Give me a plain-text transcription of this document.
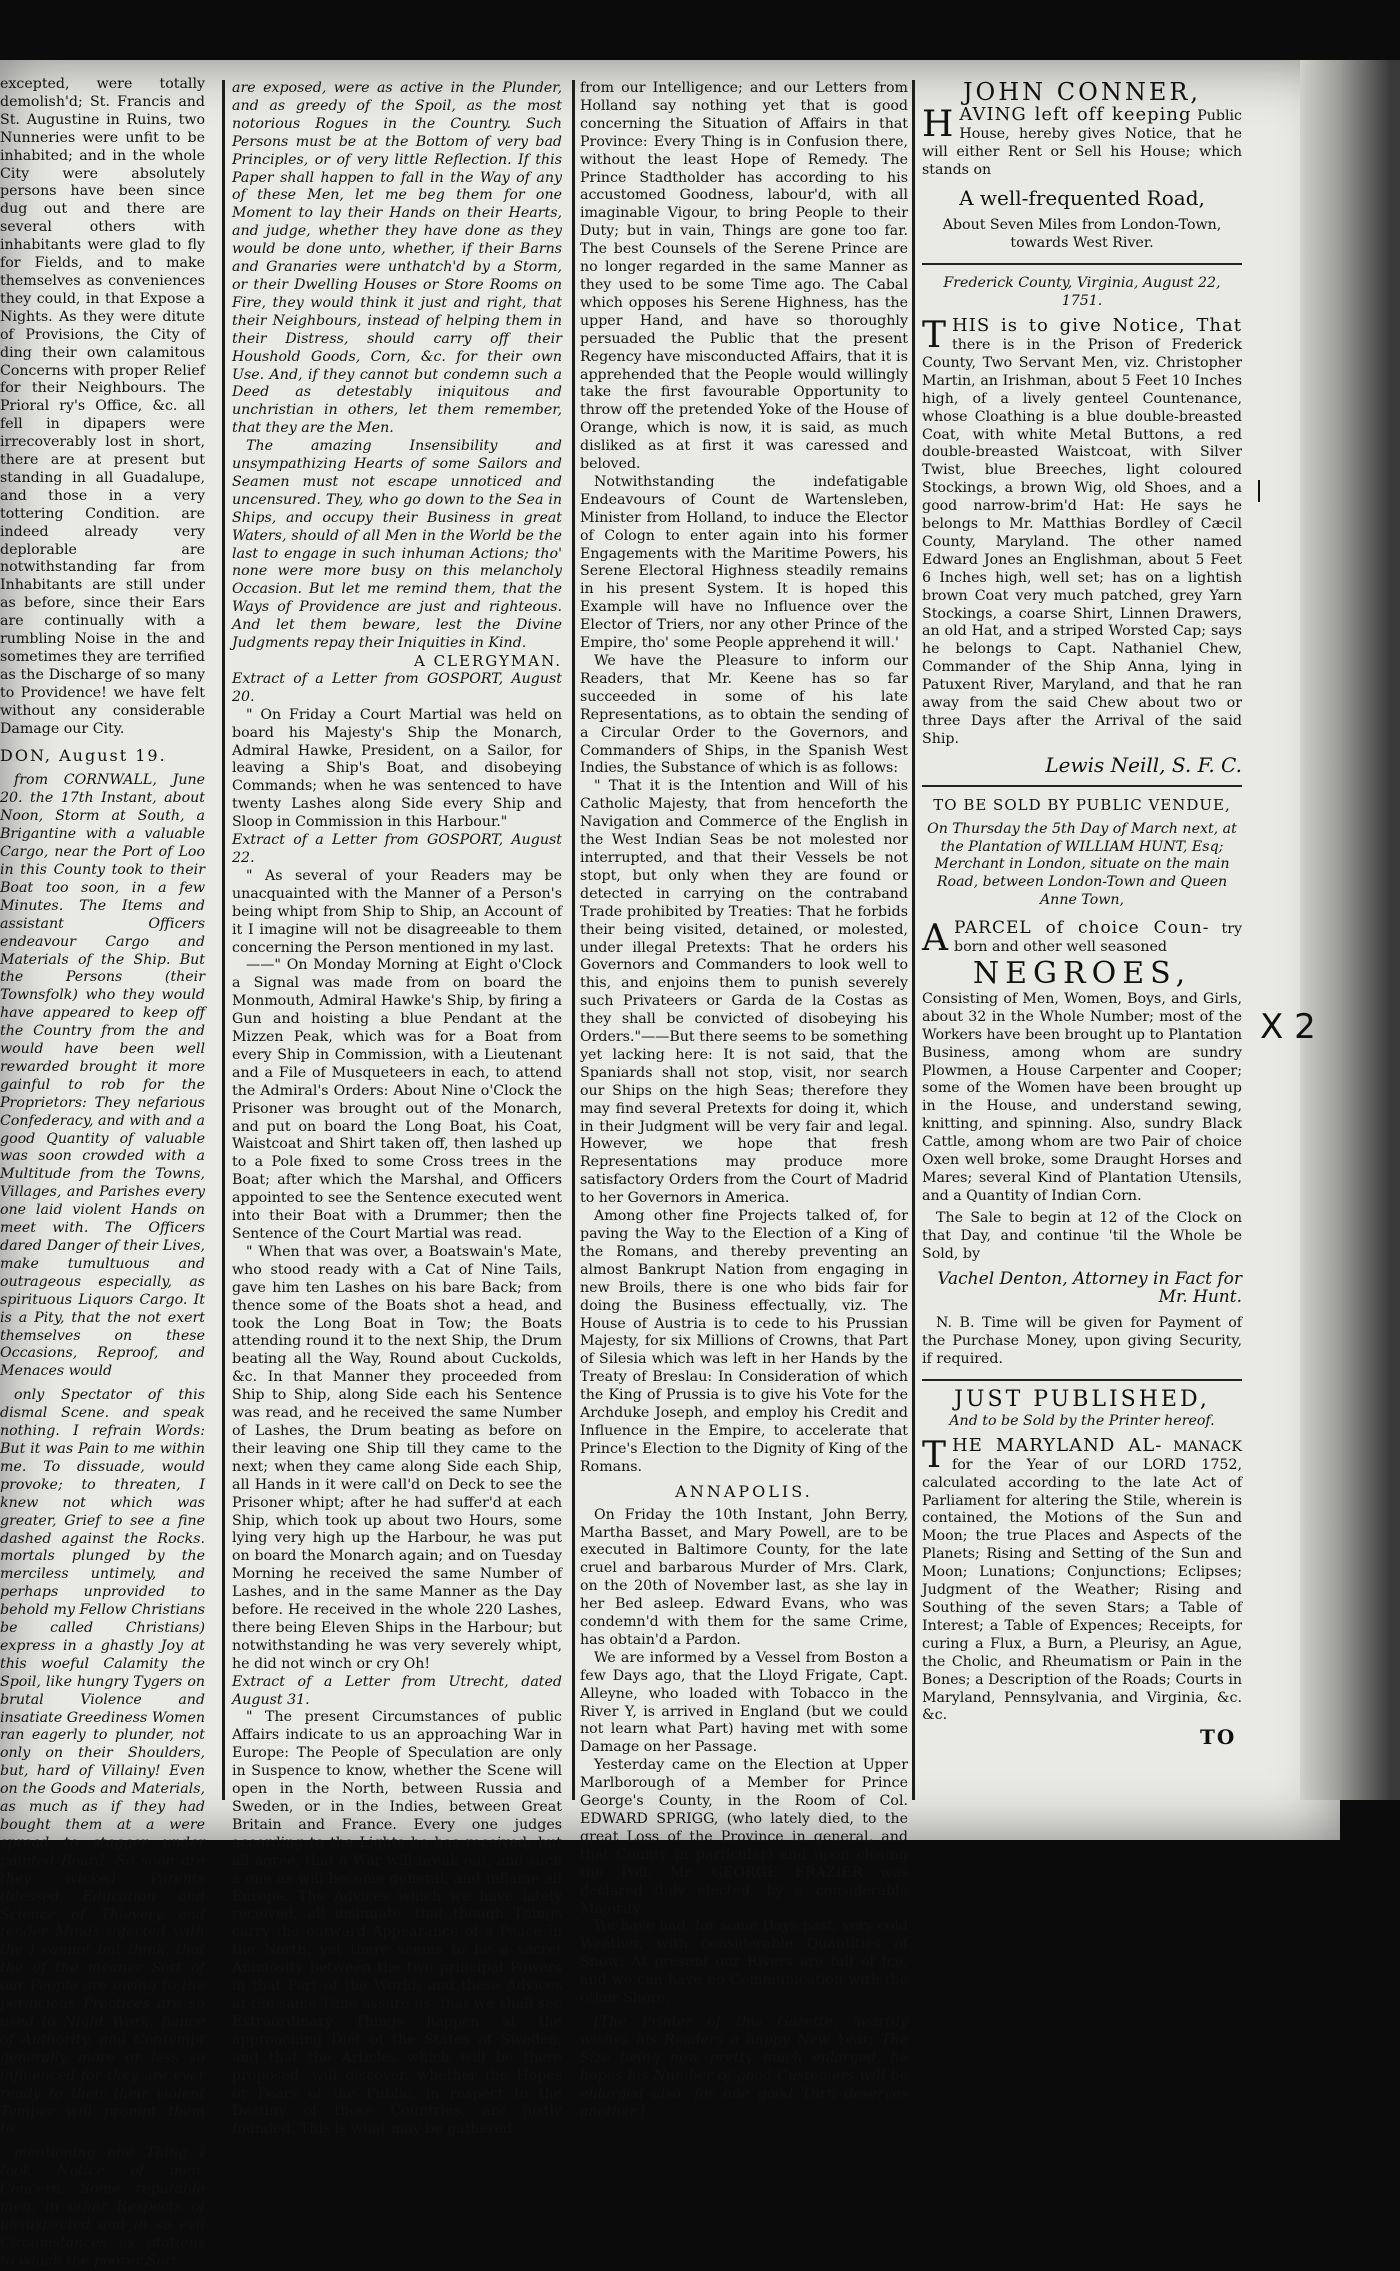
excepted, were totally demolish'd; St. Francis and St. Augustine in Ruins, two Nunneries were unfit to be inhabited; and in the whole City were absolutely persons have been since dug out and there are several others with inhabitants were glad to fly for Fields, and to make themselves as conveniences they could, in that Expose a Nights. As they were ditute of Provisions, the City of ding their own calamitous Concerns with proper Relief for their Neighbours. The Prioral ry's Office, &c. all fell in dipapers were irrecoverably lost in short, there are at present but standing in all Guadalupe, and those in a very tottering Condition. are indeed already very deplorable are notwithstanding far from Inhabitants are still under as before, since their Ears are continually with a rumbling Noise in the and sometimes they are terrified as the Discharge of so many to Providence! we have felt without any considerable Damage our City.

DON, August 19.

from CORNWALL, June 20. the 17th Instant, about Noon, Storm at South, a Brigantine with a valuable Cargo, near the Port of Loo in this County took to their Boat too soon, in a few Minutes. The Items and assistant Officers endeavour Cargo and Materials of the Ship. But the Persons (their Townsfolk) who they would have appeared to keep off the Country from the and would have been well rewarded brought it more gainful to rob for the Proprietors: They nefarious Confederacy, and with and a good Quantity of valuable was soon crowded with a Multitude from the Towns, Villages, and Parishes every one laid violent Hands on meet with. The Officers dared Danger of their Lives, make tumultuous and outrageous especially, as spirituous Liquors Cargo. It is a Pity, that the not exert themselves on these Occasions, Reproof, and Menaces would

only Spectator of this dismal Scene. and speak nothing. I refrain Words: But it was Pain to me within me. To dissuade, would provoke; to threaten, I knew not which was greater, Grief to see a fine dashed against the Rocks. mortals plunged by the merciless untimely, and perhaps unprovided to behold my Fellow Christians be called Christians) express in a ghastly Joy at this woeful Calamity the Spoil, like hungry Tygers on brutal Violence and insatiate Greediness Women ran eagerly to plunder, not only on their Shoulders, but, hard of Villainy! Even on the Goods and Materials, as much as if they had bought them at a were spread to stagger under painted Board. So soon are they wicked Parents (blessed Education and Science of Thievery and tender Minds infected with the I cannot but think, that the of the meaner Sort of our People are owing to the pernicious Practices are so used to Night Work, fiance of Authority, and Contempt generally more or less so influenced for they are ever ready to their their violent Temper will prompt them to.

mentioning one Thing I took Notice of men, Concern. Some reputable men, in other Respects of unsuspected and in so evil Circumstances as ptations to which the poorer Sort

are exposed, were as active in the Plunder, and as greedy of the Spoil, as the most notorious Rogues in the Country. Such Persons must be at the Bottom of very bad Principles, or of very little Reflection. If this Paper shall happen to fall in the Way of any of these Men, let me beg them for one Moment to lay their Hands on their Hearts, and judge, whether they have done as they would be done unto, whether, if their Barns and Granaries were unthatch'd by a Storm, or their Dwelling Houses or Store Rooms on Fire, they would think it just and right, that their Neighbours, instead of helping them in their Distress, should carry off their Houshold Goods, Corn, &c. for their own Use. And, if they cannot but condemn such a Deed as detestably iniquitous and unchristian in others, let them remember, that they are the Men.

The amazing Insensibility and unsympathizing Hearts of some Sailors and Seamen must not escape unnoticed and uncensured. They, who go down to the Sea in Ships, and occupy their Business in great Waters, should of all Men in the World be the last to engage in such inhuman Actions; tho' none were more busy on this melancholy Occasion. But let me remind them, that the Ways of Providence are just and righteous. And let them beware, lest the Divine Judgments repay their Iniquities in Kind.

A CLERGYMAN.

Extract of a Letter from GOSPORT, August 20.

" On Friday a Court Martial was held on board his Majesty's Ship the Monarch, Admiral Hawke, President, on a Sailor, for leaving a Ship's Boat, and disobeying Commands; when he was sentenced to have twenty Lashes along Side every Ship and Sloop in Commission in this Harbour."

Extract of a Letter from GOSPORT, August 22.

" As several of your Readers may be unacquainted with the Manner of a Person's being whipt from Ship to Ship, an Account of it I imagine will not be disagreeable to them concerning the Person mentioned in my last.

——" On Monday Morning at Eight o'Clock a Signal was made from on board the Monmouth, Admiral Hawke's Ship, by firing a Gun and hoisting a blue Pendant at the Mizzen Peak, which was for a Boat from every Ship in Commission, with a Lieutenant and a File of Musqueteers in each, to attend the Admiral's Orders: About Nine o'Clock the Prisoner was brought out of the Monarch, and put on board the Long Boat, his Coat, Waistcoat and Shirt taken off, then lashed up to a Pole fixed to some Cross trees in the Boat; after which the Marshal, and Officers appointed to see the Sentence executed went into their Boat with a Drummer; then the Sentence of the Court Martial was read.

" When that was over, a Boatswain's Mate, who stood ready with a Cat of Nine Tails, gave him ten Lashes on his bare Back; from thence some of the Boats shot a head, and took the Long Boat in Tow; the Boats attending round it to the next Ship, the Drum beating all the Way, Round about Cuckolds, &c. In that Manner they proceeded from Ship to Ship, along Side each his Sentence was read, and he received the same Number of Lashes, the Drum beating as before on their leaving one Ship till they came to the next; when they came along Side each Ship, all Hands in it were call'd on Deck to see the Prisoner whipt; after he had suffer'd at each Ship, which took up about two Hours, some lying very high up the Harbour, he was put on board the Monarch again; and on Tuesday Morning he received the same Number of Lashes, and in the same Manner as the Day before. He received in the whole 220 Lashes, there being Eleven Ships in the Harbour; but notwithstanding he was very severely whipt, he did not winch or cry Oh!

Extract of a Letter from Utrecht, dated August 31.

" The present Circumstances of public Affairs indicate to us an approaching War in Europe: The People of Speculation are only in Suspence to know, whether the Scene will open in the North, between Russia and Sweden, or in the Indies, between Great Britain and France. Every one judges according to the Lights he has received; but all agree, that a War will break out, and such a one as will become general, and inflame all Europe. The Advices which we have lately received, all insinuate, that though Things carry the outward Appearance of a Peace in the North, yet there seems to be a secret Animosity between the two principal Powers in that Part of the World; and these Advices at the same Time assure us, that we shall see Extraordinary Things happen at the approaching Diet of the States of Sweden, and that the Articles which will be there proposed, will discover, whether the Hopes or Fears of the Public, in respect to the Destiny of those Countries, are justly founded. This is what may be gathered

from our Intelligence; and our Letters from Holland say nothing yet that is good concerning the Situation of Affairs in that Province: Every Thing is in Confusion there, without the least Hope of Remedy. The Prince Stadtholder has according to his accustomed Goodness, labour'd, with all imaginable Vigour, to bring People to their Duty; but in vain, Things are gone too far. The best Counsels of the Serene Prince are no longer regarded in the same Manner as they used to be some Time ago. The Cabal which opposes his Serene Highness, has the upper Hand, and have so thoroughly persuaded the Public that the present Regency have misconducted Affairs, that it is apprehended that the People would willingly take the first favourable Opportunity to throw off the pretended Yoke of the House of Orange, which is now, it is said, as much disliked as at first it was caressed and beloved.

Notwithstanding the indefatigable Endeavours of Count de Wartensleben, Minister from Holland, to induce the Elector of Cologn to enter again into his former Engagements with the Maritime Powers, his Serene Electoral Highness steadily remains in his present System. It is hoped this Example will have no Influence over the Elector of Triers, nor any other Prince of the Empire, tho' some People apprehend it will.'

We have the Pleasure to inform our Readers, that Mr. Keene has so far succeeded in some of his late Representations, as to obtain the sending of a Circular Order to the Governors, and Commanders of Ships, in the Spanish West Indies, the Substance of which is as follows:

" That it is the Intention and Will of his Catholic Majesty, that from henceforth the Navigation and Commerce of the English in the West Indian Seas be not molested nor interrupted, and that their Vessels be not stopt, but only when they are found or detected in carrying on the contraband Trade prohibited by Treaties: That he forbids their being visited, detained, or molested, under illegal Pretexts: That he orders his Governors and Commanders to look well to this, and enjoins them to punish severely such Privateers or Garda de la Costas as they shall be convicted of disobeying his Orders."——But there seems to be something yet lacking here: It is not said, that the Spaniards shall not stop, visit, nor search our Ships on the high Seas; therefore they may find several Pretexts for doing it, which in their Judgment will be very fair and legal. However, we hope that fresh Representations may produce more satisfactory Orders from the Court of Madrid to her Governors in America.

Among other fine Projects talked of, for paving the Way to the Election of a King of the Romans, and thereby preventing an almost Bankrupt Nation from engaging in new Broils, there is one who bids fair for doing the Business effectually, viz. The House of Austria is to cede to his Prussian Majesty, for six Millions of Crowns, that Part of Silesia which was left in her Hands by the Treaty of Breslau: In Consideration of which the King of Prussia is to give his Vote for the Archduke Joseph, and employ his Credit and Influence in the Empire, to accelerate that Prince's Election to the Dignity of King of the Romans.

ANNAPOLIS.

On Friday the 10th Instant, John Berry, Martha Basset, and Mary Powell, are to be executed in Baltimore County, for the late cruel and barbarous Murder of Mrs. Clark, on the 20th of November last, as she lay in her Bed asleep. Edward Evans, who was condemn'd with them for the same Crime, has obtain'd a Pardon.

We are informed by a Vessel from Boston a few Days ago, that the Lloyd Frigate, Capt. Alleyne, who loaded with Tobacco in the River Y, is arrived in England (but we could not learn what Part) having met with some Damage on her Passage.

Yesterday came on the Election at Upper Marlborough of a Member for Prince George's County, in the Room of Col. EDWARD SPRIGG, (who lately died, to the great Loss of the Province in general, and that County in particular) and upon closing the Poll, Mr. GEORGE FRAZIER was declared duly elected, by a considerable Majority.

We have had, for some Days past, very cold Weather, with considerable Quantities of Snow: At present our Rivers are full of Ice, and we can have no Communication with the other Shore.

[The Printer of this Gazette, heartily wishes his Readers a happy New Year: The Size being now pretty much enlarged, he hopes his Number of good Customers will be enlarged also; for one good Turn deserves another.]

JOHN CONNER,
H AVING left off keeping Public House, hereby gives Notice, that he will either Rent or Sell his House; which stands on
A well-frequented Road,
About Seven Miles from London-Town, towards West River.
Frederick County, Virginia, August 22, 1751.
T HIS is to give Notice, That there is in the Prison of Frederick County, Two Servant Men, viz. Christopher Martin, an Irishman, about 5 Feet 10 Inches high, of a lively genteel Countenance, whose Cloathing is a blue double-breasted Coat, with white Metal Buttons, a red double-breasted Waistcoat, with Silver Twist, blue Breeches, light coloured Stockings, a brown Wig, old Shoes, and a good narrow-brim'd Hat: He says he belongs to Mr. Matthias Bordley of Cæcil County, Maryland. The other named Edward Jones an Englishman, about 5 Feet 6 Inches high, well set; has on a lightish brown Coat very much patched, grey Yarn Stockings, a coarse Shirt, Linnen Drawers, an old Hat, and a striped Worsted Cap; says he belongs to Capt. Nathaniel Chew, Commander of the Ship Anna, lying in Patuxent River, Maryland, and that he ran away from the said Chew about two or three Days after the Arrival of the said Ship.
Lewis Neill, S. F. C.
TO BE SOLD BY PUBLIC VENDUE,
On Thursday the 5th Day of March next, at the Plantation of WILLIAM HUNT, Esq; Merchant in London, situate on the main Road, between London-Town and Queen Anne Town,
A PARCEL of choice Coun- try born and other well seasoned
NEGROES,
Consisting of Men, Women, Boys, and Girls, about 32 in the Whole Number; most of the Workers have been brought up to Plantation Business, among whom are sundry Plowmen, a House Carpenter and Cooper; some of the Women have been brought up in the House, and understand sewing, knitting, and spinning. Also, sundry Black Cattle, among whom are two Pair of choice Oxen well broke, some Draught Horses and Mares; several Kind of Plantation Utensils, and a Quantity of Indian Corn.
The Sale to begin at 12 of the Clock on that Day, and continue 'til the Whole be Sold, by
Vachel Denton, Attorney in Fact for Mr. Hunt.
N. B. Time will be given for Payment of the Purchase Money, upon giving Security, if required.
JUST PUBLISHED,
And to be Sold by the Printer hereof.
T HE MARYLAND AL- MANACK for the Year of our LORD 1752, calculated according to the late Act of Parliament for altering the Stile, wherein is contained, the Motions of the Sun and Moon; the true Places and Aspects of the Planets; Rising and Setting of the Sun and Moon; Lunations; Conjunctions; Eclipses; Judgment of the Weather; Rising and Southing of the seven Stars; a Table of Interest; a Table of Expences; Receipts, for curing a Flux, a Burn, a Pleurisy, an Ague, the Cholic, and Rheumatism or Pain in the Bones; a Description of the Roads; Courts in Maryland, Pennsylvania, and Virginia, &c. &c.
X 2
TO
